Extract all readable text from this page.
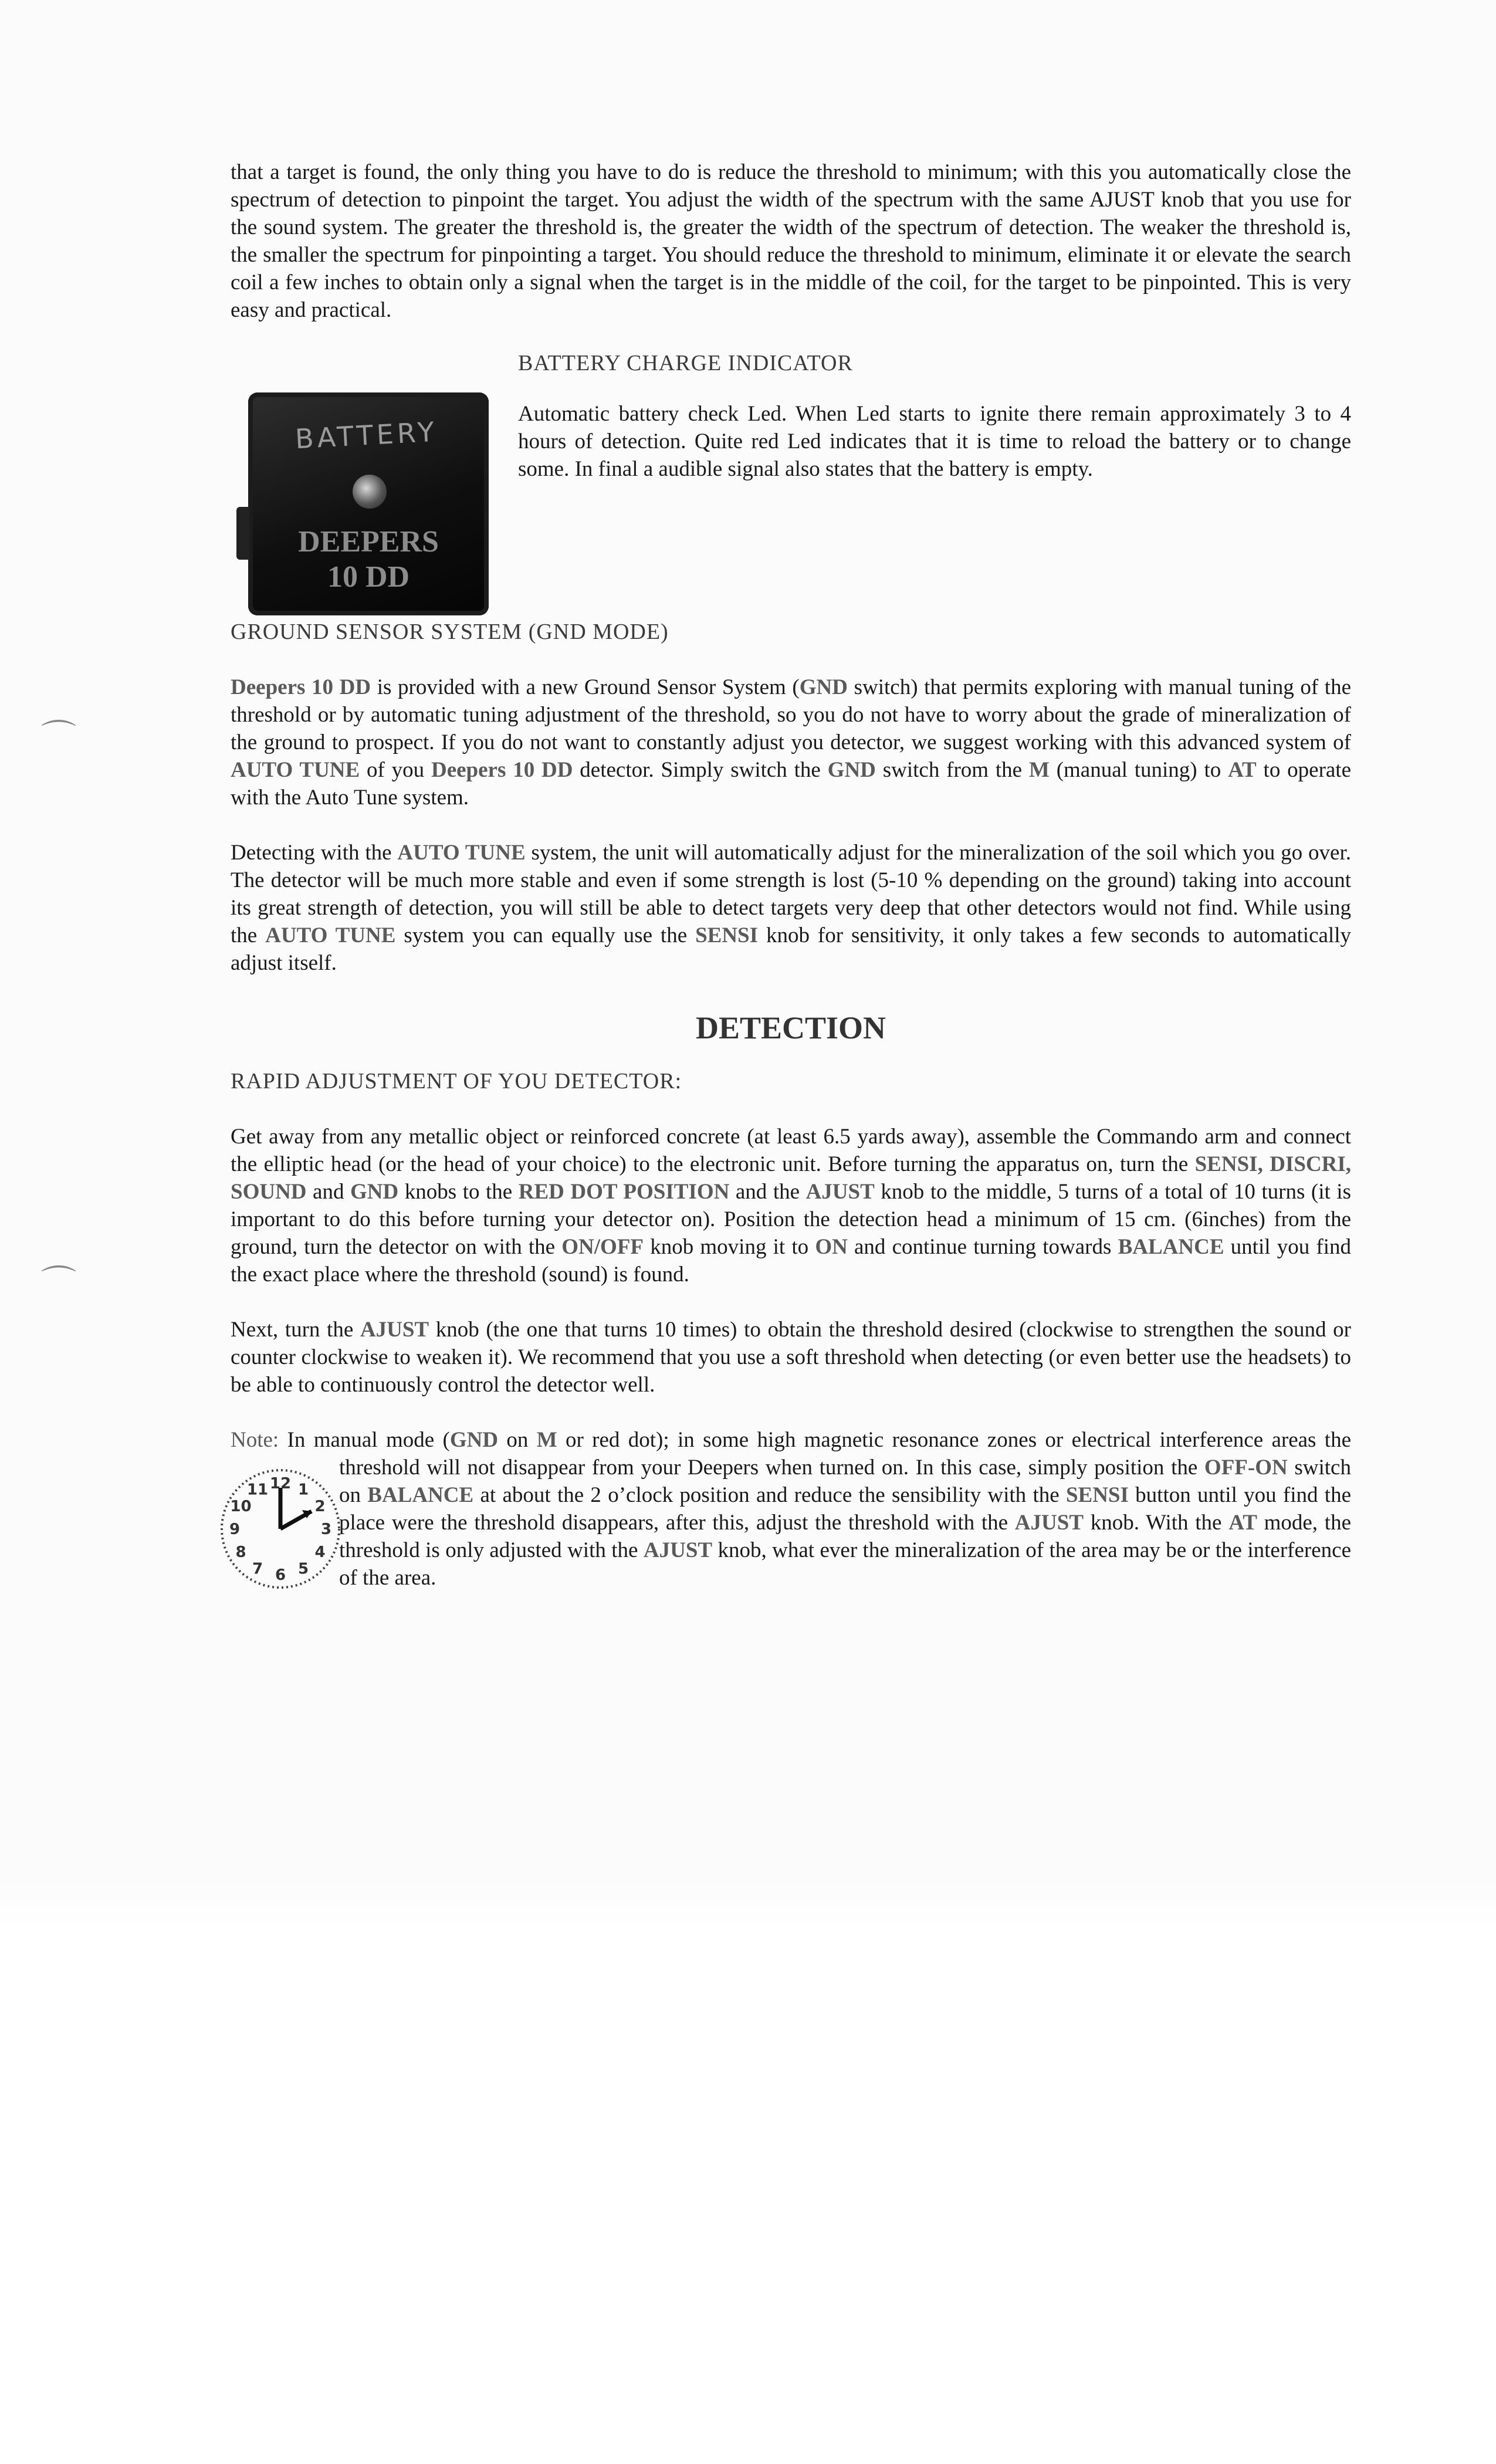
⌒
⌒

that a target is found, the only thing you have to do is reduce the threshold to minimum; with this you automatically close the spectrum of detection to pinpoint the target. You adjust the width of the spectrum with the same AJUST knob that you use for the sound system. The greater the threshold is, the greater the width of the spectrum of detection. The weaker the threshold is, the smaller the spectrum for pinpointing a target. You should reduce the threshold to minimum, eliminate it or elevate the search coil a few inches to obtain only a signal when the target is in the middle of the coil, for the target to be pinpointed. This is very easy and practical.

BATTERY CHARGE INDICATOR
BATTERY
DEEPERS
10 DD

Automatic battery check Led. When Led starts to ignite there remain approximately 3 to 4 hours of detection. Quite red Led indicates that it is time to reload the battery or to change some. In final a audible signal also states that the battery is empty.

GROUND SENSOR SYSTEM (GND MODE)

Deepers 10 DD is provided with a new Ground Sensor System (GND switch) that permits exploring with manual tuning of the threshold or by automatic tuning adjustment of the threshold, so you do not have to worry about the grade of mineralization of the ground to prospect. If you do not want to constantly adjust you detector, we suggest working with this advanced system of AUTO TUNE of you Deepers 10 DD detector. Simply switch the GND switch from the M (manual tuning) to AT to operate with the Auto Tune system.

Detecting with the AUTO TUNE system, the unit will automatically adjust for the mineralization of the soil which you go over. The detector will be much more stable and even if some strength is lost (5-10 % depending on the ground) taking into account its great strength of detection, you will still be able to detect targets very deep that other detectors would not find. While using the AUTO TUNE system you can equally use the SENSI knob for sensitivity, it only takes a few seconds to automatically adjust itself.

DETECTION
RAPID ADJUSTMENT OF YOU DETECTOR:

Get away from any metallic object or reinforced concrete (at least 6.5 yards away), assemble the Commando arm and connect the elliptic head (or the head of your choice) to the electronic unit. Before turning the apparatus on, turn the SENSI, DISCRI, SOUND and GND knobs to the RED DOT POSITION and the AJUST knob to the middle, 5 turns of a total of 10 turns (it is important to do this before turning your detector on). Position the detection head a minimum of 15 cm. (6inches) from the ground, turn the detector on with the ON/OFF knob moving it to ON and continue turning towards BALANCE until you find the exact place where the threshold (sound) is found.

Next, turn the AJUST knob (the one that turns 10 times) to obtain the threshold desired (clockwise to strengthen the sound or counter clockwise to weaken it). We recommend that you use a soft threshold when detecting (or even better use the headsets) to be able to continuously control the detector well.

12 1
2
3
4
5
6
7
8
9
10
11

Note: In manual mode (GND on M or red dot); in some high magnetic resonance zones or electrical interference areas the threshold will not disappear from your Deepers when turned on. In this case, simply position the OFF-ON switch on BALANCE at about the 2 o’clock position and reduce the sensibility with the SENSI button until you find the place were the threshold disappears, after this, adjust the threshold with the AJUST knob. With the AT mode, the threshold is only adjusted with the AJUST knob, what ever the mineralization of the area may be or the interference of the area.
